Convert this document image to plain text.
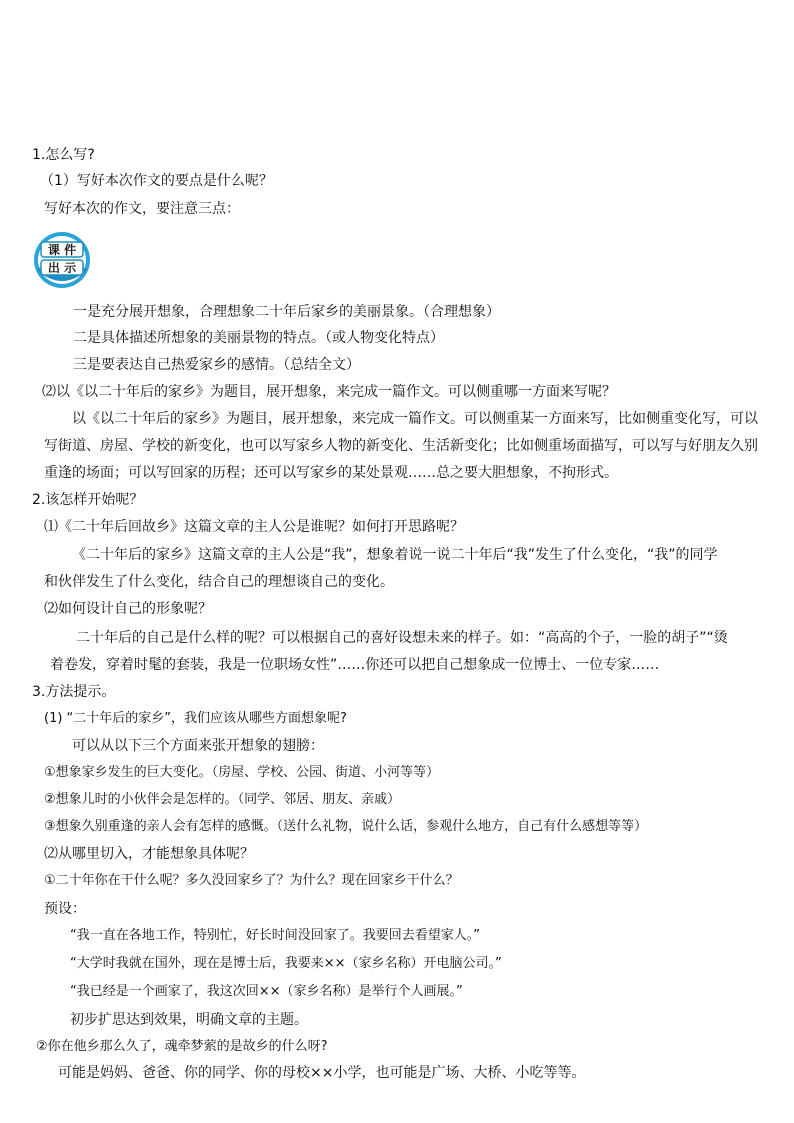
课 件
出 示
1.怎么写?
（1）写好本次作文的要点是什么呢？
写好本次的作文，要注意三点：
一是充分展开想象，合理想象二十年后家乡的美丽景象。（合理想象）
二是具体描述所想象的美丽景物的特点。（或人物变化特点）
三是要表达自己热爱家乡的感情。（总结全文）
⑵以《以二十年后的家乡》为题目，展开想象，来完成一篇作文。可以侧重哪一方面来写呢？
以《以二十年后的家乡》为题目，展开想象，来完成一篇作文。可以侧重某一方面来写，比如侧重变化写，可以
写街道、房屋、学校的新变化，也可以写家乡人物的新变化、生活新变化；比如侧重场面描写，可以写与好朋友久别
重逢的场面；可以写回家的历程；还可以写家乡的某处景观……总之要大胆想象，不拘形式。
2.该怎样开始呢？
⑴《二十年后回故乡》这篇文章的主人公是谁呢？如何打开思路呢？
《二十年后的家乡》这篇文章的主人公是“我”，想象着说一说二十年后“我”发生了什么变化，“我”的同学
和伙伴发生了什么变化，结合自己的理想谈自己的变化。
⑵如何设计自己的形象呢？
二十年后的自己是什么样的呢？可以根据自己的喜好设想未来的样子。如：“高高的个子，一脸的胡子”“烫
着卷发，穿着时髦的套装，我是一位职场女性”……你还可以把自己想象成一位博士、一位专家……
3.方法提示。
(1) “二十年后的家乡”，我们应该从哪些方面想象呢?
可以从以下三个方面来张开想象的翅膀：
①想象家乡发生的巨大变化。（房屋、学校、公园、街道、小河等等）
②想象儿时的小伙伴会是怎样的。（同学、邻居、朋友、亲戚）
③想象久别重逢的亲人会有怎样的感慨。（送什么礼物，说什么话，参观什么地方，自己有什么感想等等）
⑵从哪里切入，才能想象具体呢？
①二十年你在干什么呢？多久没回家乡了？为什么？现在回家乡干什么？
预设：
“我一直在各地工作，特别忙，好长时间没回家了。我要回去看望家人。”
“大学时我就在国外，现在是博士后，我要来××（家乡名称）开电脑公司。”
“我已经是一个画家了，我这次回××（家乡名称）是举行个人画展。”
初步扩思达到效果，明确文章的主题。
②你在他乡那么久了，魂牵梦萦的是故乡的什么呀?
可能是妈妈、爸爸、你的同学、你的母校××小学，也可能是广场、大桥、小吃等等。
